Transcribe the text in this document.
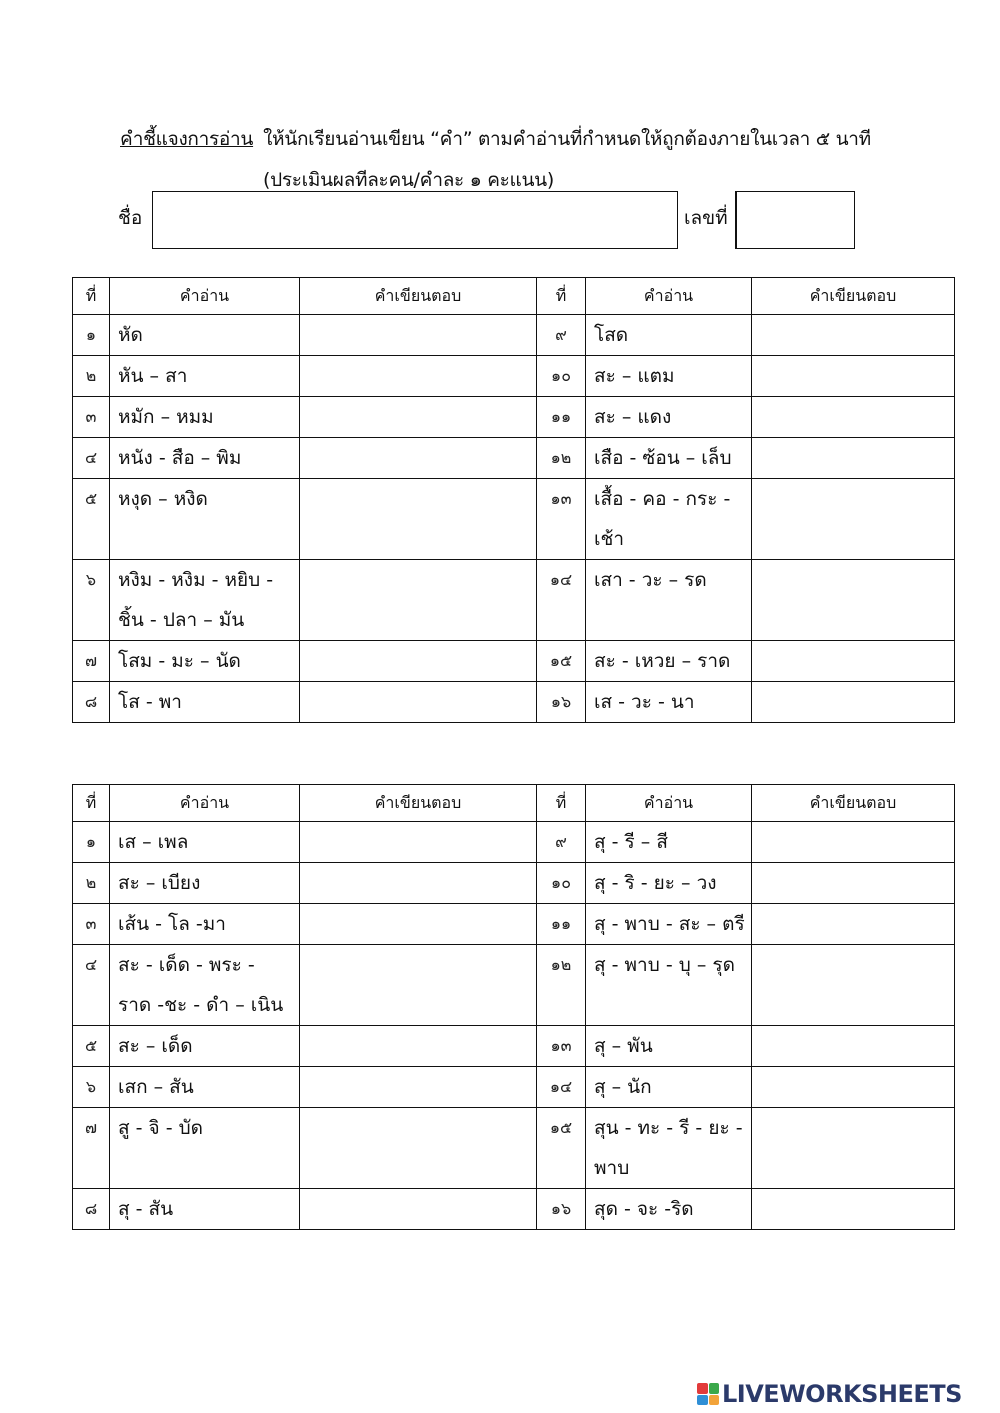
คำชี้แจงการอ่าน ให้นักเรียนอ่านเขียน “คำ” ตามคำอ่านที่กำหนดให้ถูกต้องภายในเวลา ๕ นาที
(ประเมินผลทีละคน/คำละ ๑ คะแนน)
ชื่อ	เลขที่
ที่	คำอ่าน	คำเขียนตอบ	ที่	คำอ่าน	คำเขียนตอบ
๑	หัด		๙	โสด	
๒	หัน – สา		๑๐	สะ – แตม	
๓	หมัก – หมม		๑๑	สะ – แดง	
๔	หนัง - สือ – พิม		๑๒	เสือ - ซ้อน – เล็บ	
๕	หงุด – หงิด		๑๓	เสื้อ - คอ - กระ - เช้า	
๖	หงิม - หงิม - หยิบ - ชิ้น - ปลา – มัน		๑๔	เสา - วะ – รด	
๗	โสม - มะ – นัด		๑๕	สะ - เหวย – ราด	
๘	โส - พา		๑๖	เส - วะ - นา	
ที่	คำอ่าน	คำเขียนตอบ	ที่	คำอ่าน	คำเขียนตอบ
๑	เส – เพล		๙	สุ - รี – สี	
๒	สะ – เบียง		๑๐	สุ - ริ - ยะ – วง	
๓	เส้น - โล -มา		๑๑	สุ - พาบ - สะ – ตรี	
๔	สะ - เด็ด - พระ - ราด -ชะ - ดำ – เนิน		๑๒	สุ - พาบ - บุ – รุด	
๕	สะ – เด็ด		๑๓	สุ – พัน	
๖	เสก – สัน		๑๔	สุ – นัก	
๗	สู - จิ - บัด		๑๕	สุน - ทะ - รี - ยะ - พาบ	
๘	สุ - สัน		๑๖	สุด - จะ -ริด	
LIVEWORKSHEETS
